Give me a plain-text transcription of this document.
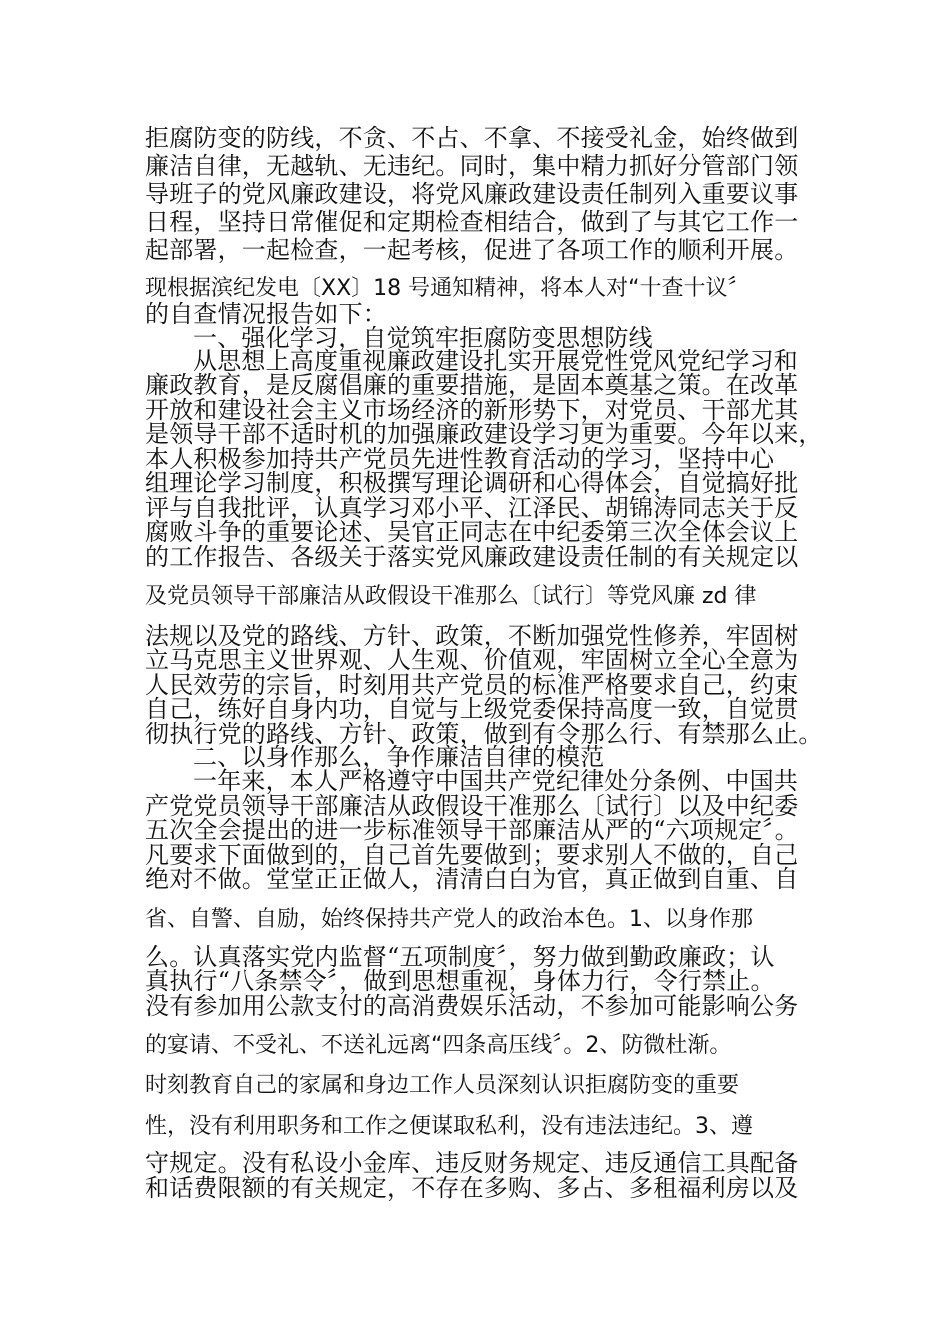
拒腐防变的防线，不贪、不占、不拿、不接受礼金，始终做到
廉洁自律，无越轨、无违纪。同时，集中精力抓好分管部门领
导班子的党风廉政建设，将党风廉政建设责任制列入重要议事
日程，坚持日常催促和定期检查相结合，做到了与其它工作一
起部署，一起检查，一起考核，促进了各项工作的顺利开展。
现根据滨纪发电〔XX〕18 号通知精神，将本人对“十查十议〞
的自查情况报告如下：
一、强化学习，自觉筑牢拒腐防变思想防线
从思想上高度重视廉政建设扎实开展党性党风党纪学习和
廉政教育，是反腐倡廉的重要措施，是固本奠基之策。在改革
开放和建设社会主义市场经济的新形势下，对党员、干部尤其
是领导干部不适时机的加强廉政建设学习更为重要。今年以来，
本人积极参加持共产党员先进性教育活动的学习，坚持中心
组理论学习制度，积极撰写理论调研和心得体会，自觉搞好批
评与自我批评，认真学习邓小平、江泽民、胡锦涛同志关于反
腐败斗争的重要论述、吴官正同志在中纪委第三次全体会议上
的工作报告、各级关于落实党风廉政建设责任制的有关规定以
及党员领导干部廉洁从政假设干准那么〔试行〕等党风廉 zd 律
法规以及党的路线、方针、政策，不断加强党性修养，牢固树
立马克思主义世界观、人生观、价值观，牢固树立全心全意为
人民效劳的宗旨，时刻用共产党员的标准严格要求自己，约束
自己，练好自身内功，自觉与上级党委保持高度一致，自觉贯
彻执行党的路线、方针、政策，做到有令那么行、有禁那么止。
二、以身作那么，争作廉洁自律的模范
一年来，本人严格遵守中国共产党纪律处分条例、中国共
产党党员领导干部廉洁从政假设干准那么〔试行〕以及中纪委
五次全会提出的进一步标准领导干部廉洁从严的“六项规定〞。
凡要求下面做到的，自己首先要做到；要求别人不做的，自己
绝对不做。堂堂正正做人，清清白白为官，真正做到自重、自
省、自警、自励，始终保持共产党人的政治本色。1、以身作那
么。认真落实党内监督“五项制度〞，努力做到勤政廉政；认
真执行“八条禁令〞，做到思想重视，身体力行，令行禁止。
没有参加用公款支付的高消费娱乐活动，不参加可能影响公务
的宴请、不受礼、不送礼远离“四条高压线〞。2、防微杜渐。
时刻教育自己的家属和身边工作人员深刻认识拒腐防变的重要
性，没有利用职务和工作之便谋取私利，没有违法违纪。3、遵
守规定。没有私设小金库、违反财务规定、违反通信工具配备
和话费限额的有关规定，不存在多购、多占、多租福利房以及
